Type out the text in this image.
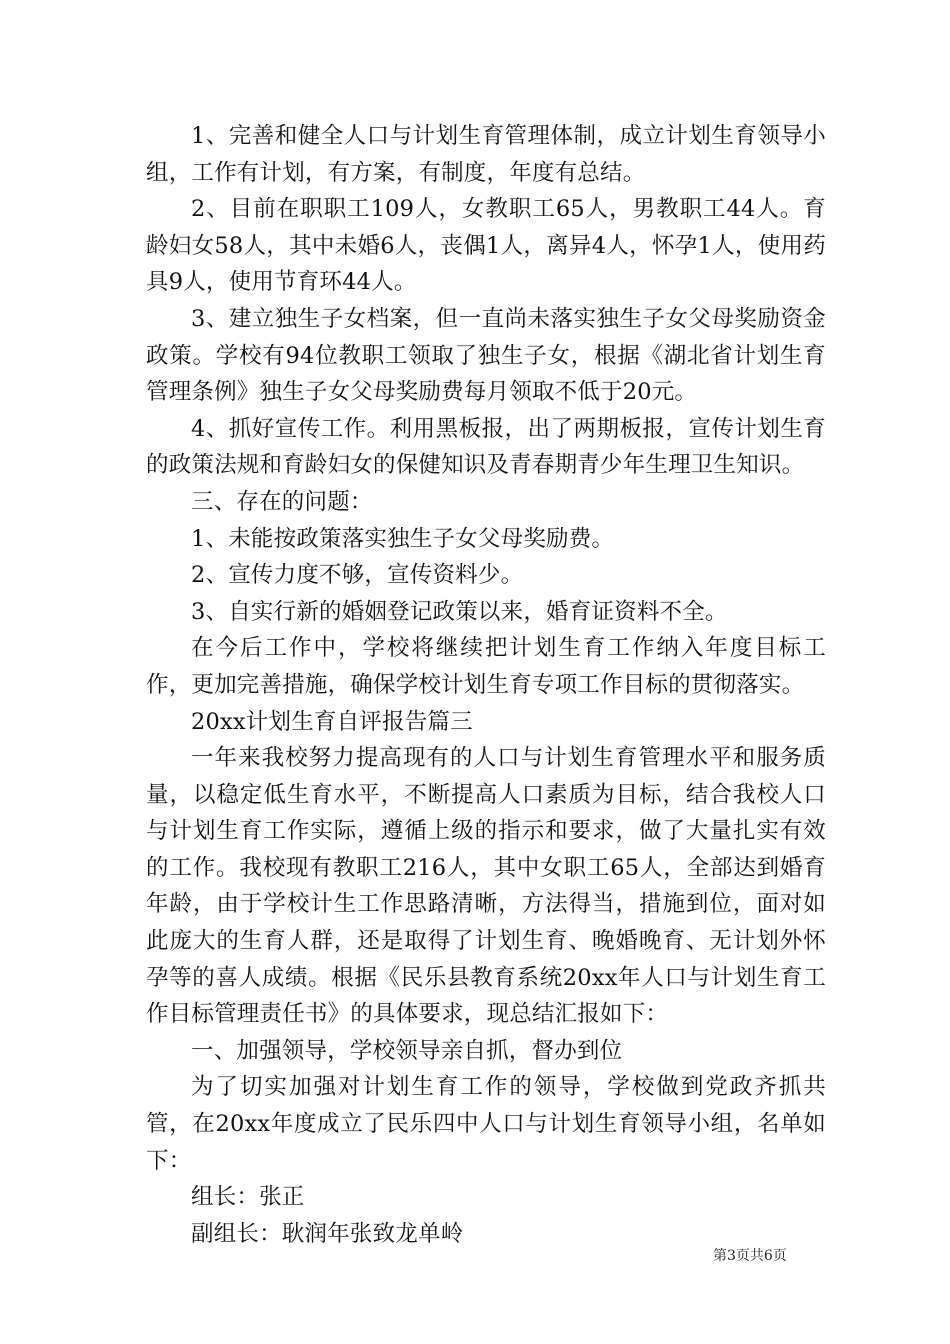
1、完善和健全人口与计划生育管理体制，成立计划生育领导小组，工作有计划，有方案，有制度，年度有总结。

2、目前在职职工109人，女教职工65人，男教职工44人。育龄妇女58人，其中未婚6人，丧偶1人，离异4人，怀孕1人，使用药具9人，使用节育环44人。

3、建立独生子女档案，但一直尚未落实独生子女父母奖励资金政策。学校有94位教职工领取了独生子女，根据《湖北省计划生育管理条例》独生子女父母奖励费每月领取不低于20元。

4、抓好宣传工作。利用黑板报，出了两期板报，宣传计划生育的政策法规和育龄妇女的保健知识及青春期青少年生理卫生知识。

三、存在的问题：

1、未能按政策落实独生子女父母奖励费。

2、宣传力度不够，宣传资料少。

3、自实行新的婚姻登记政策以来，婚育证资料不全。

在今后工作中，学校将继续把计划生育工作纳入年度目标工作，更加完善措施，确保学校计划生育专项工作目标的贯彻落实。

20xx计划生育自评报告篇三

一年来我校努力提高现有的人口与计划生育管理水平和服务质量，以稳定低生育水平，不断提高人口素质为目标，结合我校人口与计划生育工作实际，遵循上级的指示和要求，做了大量扎实有效的工作。我校现有教职工216人，其中女职工65人，全部达到婚育年龄，由于学校计生工作思路清晰，方法得当，措施到位，面对如此庞大的生育人群，还是取得了计划生育、晚婚晚育、无计划外怀孕等的喜人成绩。根据《民乐县教育系统20xx年人口与计划生育工作目标管理责任书》的具体要求，现总结汇报如下：

一、加强领导，学校领导亲自抓，督办到位

为了切实加强对计划生育工作的领导，学校做到党政齐抓共管，在20xx年度成立了民乐四中人口与计划生育领导小组，名单如下：

组长：张正

副组长：耿润年张致龙单岭

第3页共6页
